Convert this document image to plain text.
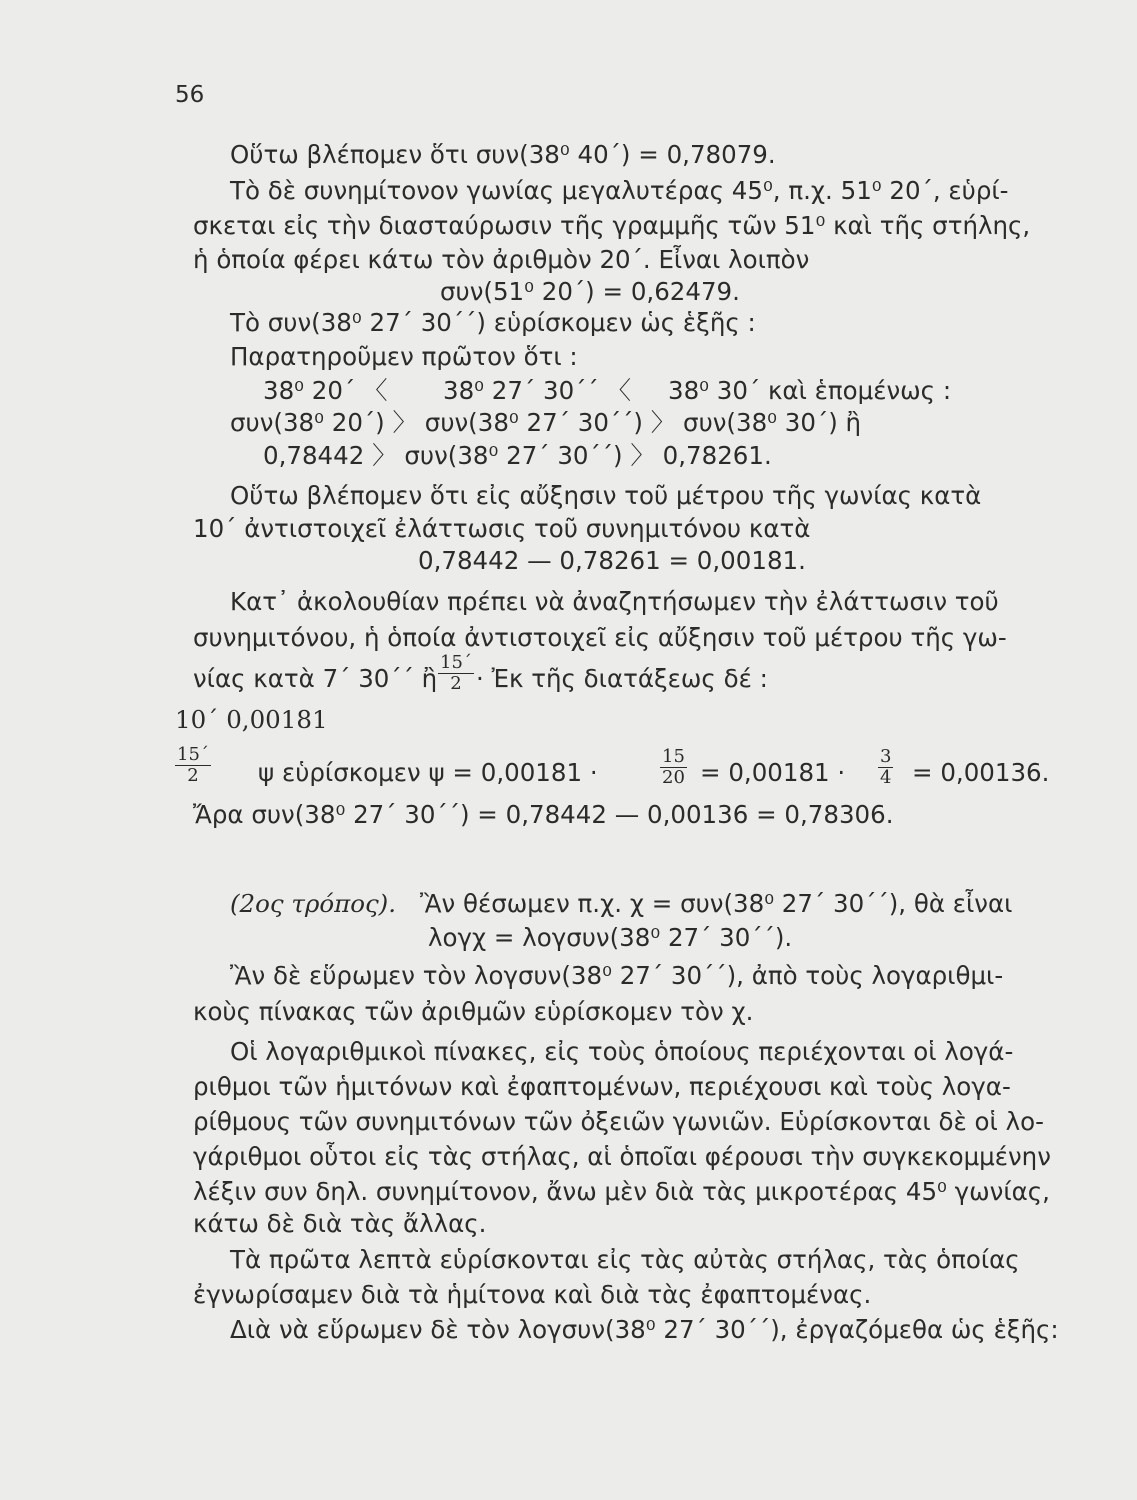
56
Οὕτω βλέπομεν ὅτι συν(38⁰ 40΄) = 0,78079.
Τὸ δὲ συνημίτονον γωνίας μεγαλυτέρας 45⁰, π.χ. 51⁰ 20΄, εὑρί-
σκεται εἰς τὴν διασταύρωσιν τῆς γραμμῆς τῶν 51⁰ καὶ τῆς στήλης,
ἡ ὁποία φέρει κάτω τὸν ἀριθμὸν 20΄. Εἶναι λοιπὸν
συν(51⁰ 20΄) = 0,62479.
Τὸ συν(38⁰ 27΄ 30΄΄) εὑρίσκομεν ὡς ἑξῆς :
Παρατηροῦμεν πρῶτον ὅτι :
38⁰ 20΄ 〈 38⁰ 27΄ 30΄΄ 〈 38⁰ 30΄ καὶ ἑπομένως :
συν(38⁰ 20΄) 〉 συν(38⁰ 27΄ 30΄΄) 〉 συν(38⁰ 30΄) ἢ
0,78442 〉 συν(38⁰ 27΄ 30΄΄) 〉 0,78261.
Οὕτω βλέπομεν ὅτι εἰς αὔξησιν τοῦ μέτρου τῆς γωνίας κατὰ
10΄ ἀντιστοιχεῖ ἐλάττωσις τοῦ συνημιτόνου κατὰ
0,78442 — 0,78261 = 0,00181.
Κατ᾽ ἀκολουθίαν πρέπει νὰ ἀναζητήσωμεν τὴν ἐλάττωσιν τοῦ
συνημιτόνου, ἡ ὁποία ἀντιστοιχεῖ εἰς αὔξησιν τοῦ μέτρου τῆς γω-
νίας κατὰ 7΄ 30΄΄ ἢ $\frac{15΄}{2}$ · Ἐκ τῆς διατάξεως δέ :
10΄ 0,00181
$\frac{15΄}{2}$ ψ εὑρίσκομεν ψ = 0,00181 ·	$\frac{15}{20} = 0,00181 \cdot \frac{3}{4} = 0,00136$.
Ἄρα συν(38⁰ 27΄ 30΄΄) = 0,78442 — 0,00136 = 0,78306.
(2ος τρόπος). Ἂν θέσωμεν π.χ. χ = συν(38⁰ 27΄ 30΄΄), θὰ εἶναι
λογχ = λογσυν(38⁰ 27΄ 30΄΄).
Ἂν δὲ εὕρωμεν τὸν λογσυν(38⁰ 27΄ 30΄΄), ἀπὸ τοὺς λογαριθμι-
κοὺς πίνακας τῶν ἀριθμῶν εὑρίσκομεν τὸν χ.
Οἱ λογαριθμικοὶ πίνακες, εἰς τοὺς ὁποίους περιέχονται οἱ λογά-
ριθμοι τῶν ἡμιτόνων καὶ ἐφαπτομένων, περιέχουσι καὶ τοὺς λογα-
ρίθμους τῶν συνημιτόνων τῶν ὀξειῶν γωνιῶν. Εὑρίσκονται δὲ οἱ λο-
γάριθμοι οὗτοι εἰς τὰς στήλας, αἱ ὁποῖαι φέρουσι τὴν συγκεκομμένην
λέξιν συν δηλ. συνημίτονον, ἄνω μὲν διὰ τὰς μικροτέρας 45⁰ γωνίας,
κάτω δὲ διὰ τὰς ἄλλας.
Τὰ πρῶτα λεπτὰ εὑρίσκονται εἰς τὰς αὐτὰς στήλας, τὰς ὁποίας
ἐγνωρίσαμεν διὰ τὰ ἡμίτονα καὶ διὰ τὰς ἐφαπτομένας.
Διὰ νὰ εὕρωμεν δὲ τὸν λογσυν(38⁰ 27΄ 30΄΄), ἐργαζόμεθα ὡς ἑξῆς:
